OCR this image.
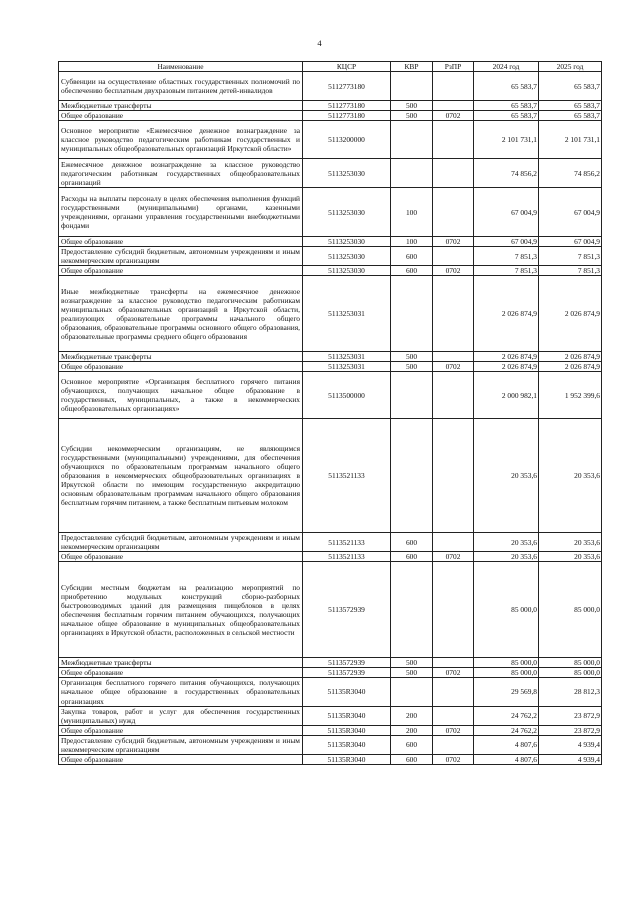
4
Наименование	КЦСР	КВР	РзПР	2024 год	2025 год
Субвенции на осуществление областных государственных полномочий по обеспечению бесплатным двухразовым питанием детей-инвалидов	5112773180			65 583,7	65 583,7
Межбюджетные трансферты	5112773180	500		65 583,7	65 583,7
Общее образование	5112773180	500	0702	65 583,7	65 583,7
Основное мероприятие «Ежемесячное денежное вознаграждение за классное руководство педагогическим работникам государственных и муниципальных общеобразовательных организаций Иркутской области»	5113200000			2 101 731,1	2 101 731,1
Ежемесячное денежное вознаграждение за классное руководство педагогическим работникам государственных общеобразовательных организаций	5113253030			74 856,2	74 856,2
Расходы на выплаты персоналу в целях обеспечения выполнения функций государственными (муниципальными) органами, казенными учреждениями, органами управления государственными внебюджетными фондами	5113253030	100		67 004,9	67 004,9
Общее образование	5113253030	100	0702	67 004,9	67 004,9
Предоставление субсидий бюджетным, автономным учреждениям и иным некоммерческим организациям	5113253030	600		7 851,3	7 851,3
Общее образование	5113253030	600	0702	7 851,3	7 851,3
Иные межбюджетные трансферты на ежемесячное денежное вознаграждение за классное руководство педагогическим работникам муниципальных образовательных организаций в Иркутской области, реализующих образовательные программы начального общего образования, образовательные программы основного общего образования, образовательные программы среднего общего образования	5113253031			2 026 874,9	2 026 874,9
Межбюджетные трансферты	5113253031	500		2 026 874,9	2 026 874,9
Общее образование	5113253031	500	0702	2 026 874,9	2 026 874,9
Основное мероприятие «Организация бесплатного горячего питания обучающихся, получающих начальное общее образование в государственных, муниципальных, а также в некоммерческих общеобразовательных организациях»	5113500000			2 000 982,1	1 952 399,6
Субсидии некоммерческим организациям, не являющимся государственными (муниципальными) учреждениями, для обеспечения обучающихся по образовательным программам начального общего образования в некоммерческих общеобразовательных организациях в Иркутской области по имеющим государственную аккредитацию основным образовательным программам начального общего образования бесплатным горячим питанием, а также бесплатным питьевым молоком	5113521133			20 353,6	20 353,6
Предоставление субсидий бюджетным, автономным учреждениям и иным некоммерческим организациям	5113521133	600		20 353,6	20 353,6
Общее образование	5113521133	600	0702	20 353,6	20 353,6
Субсидии местным бюджетам на реализацию мероприятий по приобретению модульных конструкций сборно-разборных быстровозводимых зданий для размещения пищеблоков в целях обеспечения бесплатным горячим питанием обучающихся, получающих начальное общее образование в муниципальных общеобразовательных организациях в Иркутской области, расположенных в сельской местности	5113572939			85 000,0	85 000,0
Межбюджетные трансферты	5113572939	500		85 000,0	85 000,0
Общее образование	5113572939	500	0702	85 000,0	85 000,0
Организация бесплатного горячего питания обучающихся, получающих начальное общее образование в государственных образовательных организациях	51135R3040			29 569,8	28 812,3
Закупка товаров, работ и услуг для обеспечения государственных (муниципальных) нужд	51135R3040	200		24 762,2	23 872,9
Общее образование	51135R3040	200	0702	24 762,2	23 872,9
Предоставление субсидий бюджетным, автономным учреждениям и иным некоммерческим организациям	51135R3040	600		4 807,6	4 939,4
Общее образование	51135R3040	600	0702	4 807,6	4 939,4
